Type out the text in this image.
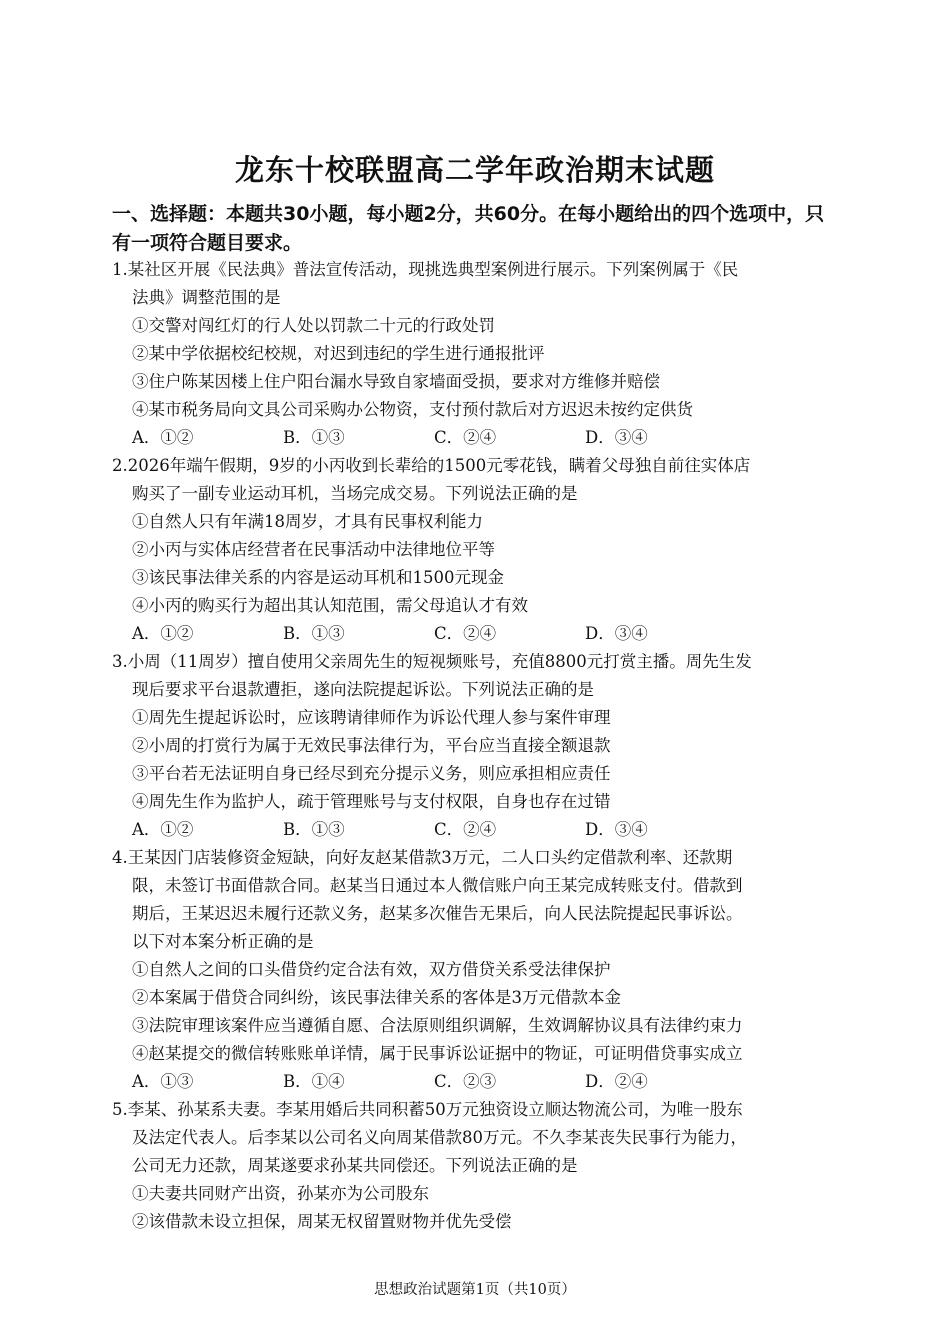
龙东十校联盟高二学年政治期末试题
一、选择题：本题共30小题，每小题2分，共60分。在每小题给出的四个选项中，只有一项符合题目要求。
1.某社区开展《民法典》普法宣传活动，现挑选典型案例进行展示。下列案例属于《民
法典》调整范围的是
①交警对闯红灯的行人处以罚款二十元的行政处罚
②某中学依据校纪校规，对迟到违纪的学生进行通报批评
③住户陈某因楼上住户阳台漏水导致自家墙面受损，要求对方维修并赔偿
④某市税务局向文具公司采购办公物资，支付预付款后对方迟迟未按约定供货
A．①②	B．①③	C．②④	D．③④
2.2026年端午假期，9岁的小丙收到长辈给的1500元零花钱，瞒着父母独自前往实体店
购买了一副专业运动耳机，当场完成交易。下列说法正确的是
①自然人只有年满18周岁，才具有民事权利能力
②小丙与实体店经营者在民事活动中法律地位平等
③该民事法律关系的内容是运动耳机和1500元现金
④小丙的购买行为超出其认知范围，需父母追认才有效
A．①②	B．①③	C．②④	D．③④
3.小周（11周岁）擅自使用父亲周先生的短视频账号，充值8800元打赏主播。周先生发
现后要求平台退款遭拒，遂向法院提起诉讼。下列说法正确的是
①周先生提起诉讼时，应该聘请律师作为诉讼代理人参与案件审理
②小周的打赏行为属于无效民事法律行为，平台应当直接全额退款
③平台若无法证明自身已经尽到充分提示义务，则应承担相应责任
④周先生作为监护人，疏于管理账号与支付权限，自身也存在过错
A．①②	B．①③	C．②④	D．③④
4.王某因门店装修资金短缺，向好友赵某借款3万元，二人口头约定借款利率、还款期
限，未签订书面借款合同。赵某当日通过本人微信账户向王某完成转账支付。借款到
期后，王某迟迟未履行还款义务，赵某多次催告无果后，向人民法院提起民事诉讼。
以下对本案分析正确的是
①自然人之间的口头借贷约定合法有效，双方借贷关系受法律保护
②本案属于借贷合同纠纷，该民事法律关系的客体是3万元借款本金
③法院审理该案件应当遵循自愿、合法原则组织调解，生效调解协议具有法律约束力
④赵某提交的微信转账账单详情，属于民事诉讼证据中的物证，可证明借贷事实成立
A．①③	B．①④	C．②③	D．②④
5.李某、孙某系夫妻。李某用婚后共同积蓄50万元独资设立顺达物流公司，为唯一股东
及法定代表人。后李某以公司名义向周某借款80万元。不久李某丧失民事行为能力，
公司无力还款，周某遂要求孙某共同偿还。下列说法正确的是
①夫妻共同财产出资，孙某亦为公司股东
②该借款未设立担保，周某无权留置财物并优先受偿
思想政治试题第1页（共10页）
